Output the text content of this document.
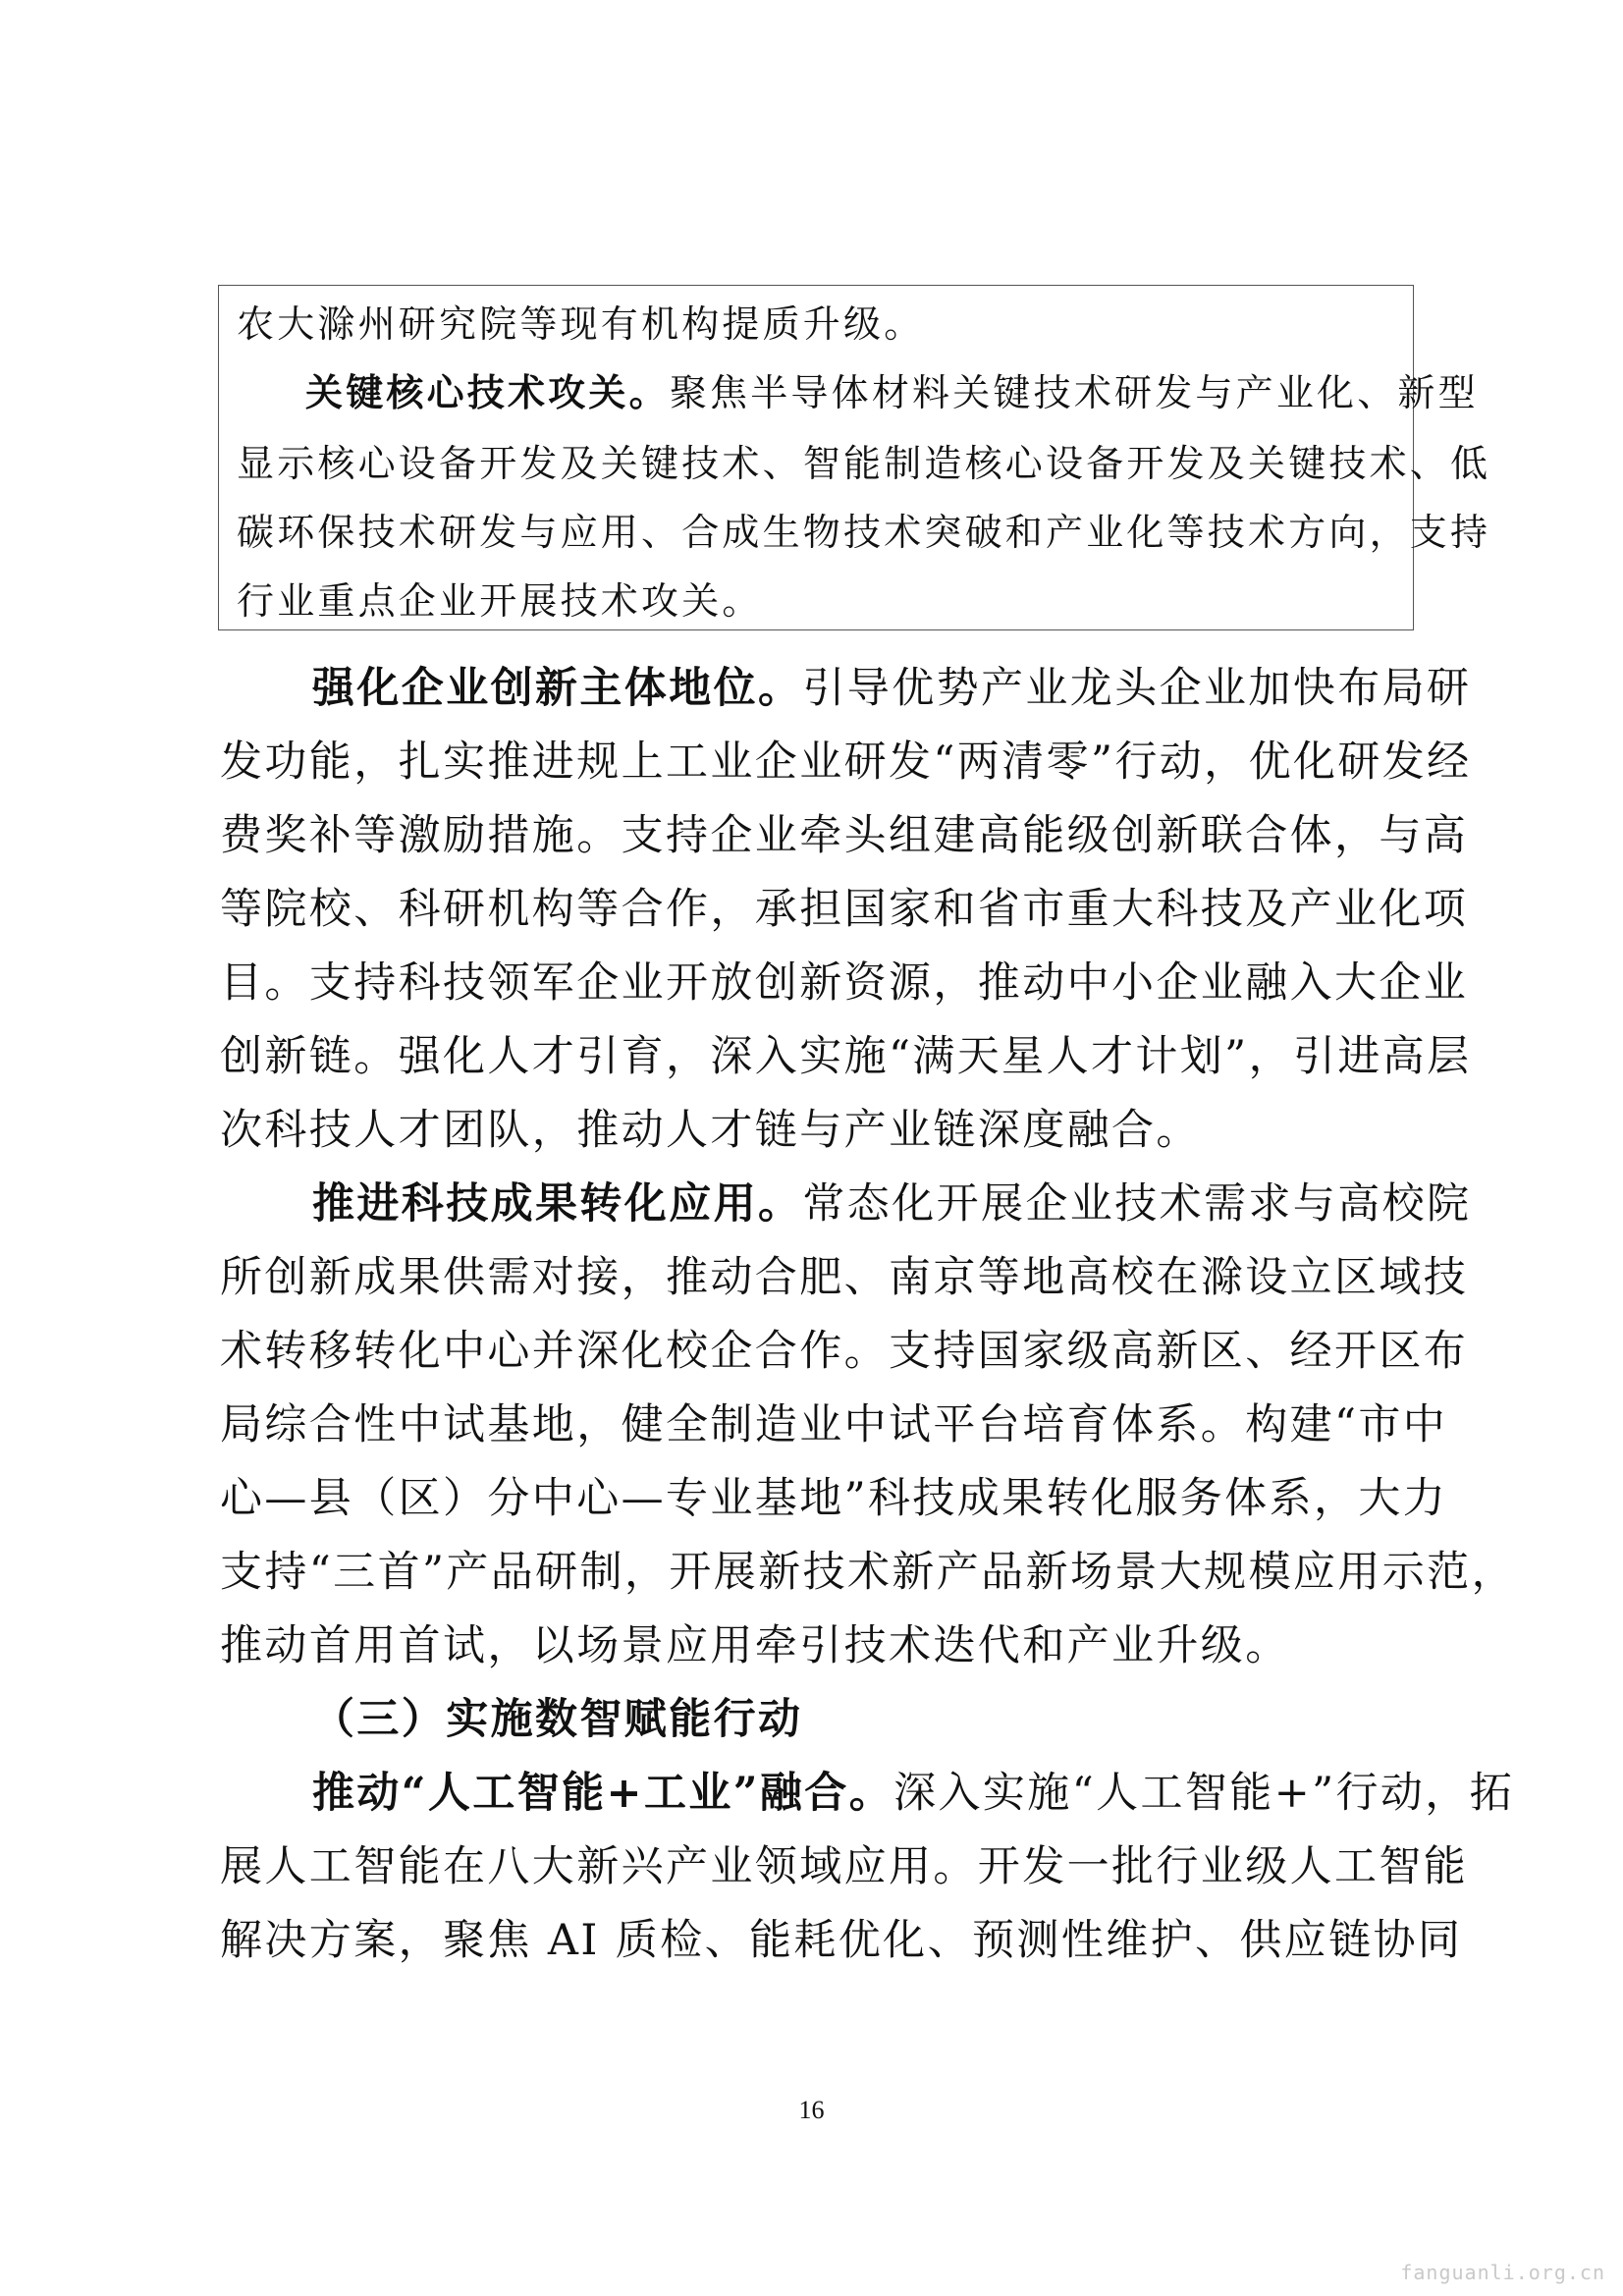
农大滁州研究院等现有机构提质升级。
关键核心技术攻关。聚焦半导体材料关键技术研发与产业化、新型
显示核心设备开发及关键技术、智能制造核心设备开发及关键技术、低
碳环保技术研发与应用、合成生物技术突破和产业化等技术方向，支持
行业重点企业开展技术攻关。
强化企业创新主体地位。引导优势产业龙头企业加快布局研
发功能，扎实推进规上工业企业研发“两清零”行动，优化研发经
费奖补等激励措施。支持企业牵头组建高能级创新联合体，与高
等院校、科研机构等合作，承担国家和省市重大科技及产业化项
目。支持科技领军企业开放创新资源，推动中小企业融入大企业
创新链。强化人才引育，深入实施“满天星人才计划”，引进高层
次科技人才团队，推动人才链与产业链深度融合。
推进科技成果转化应用。常态化开展企业技术需求与高校院
所创新成果供需对接，推动合肥、南京等地高校在滁设立区域技
术转移转化中心并深化校企合作。支持国家级高新区、经开区布
局综合性中试基地，健全制造业中试平台培育体系。构建“市中
心—县（区）分中心—专业基地”科技成果转化服务体系，大力
支持“三首”产品研制，开展新技术新产品新场景大规模应用示范，
推动首用首试，以场景应用牵引技术迭代和产业升级。
（三）实施数智赋能行动
推动“人工智能+工业”融合。深入实施“人工智能+”行动，拓
展人工智能在八大新兴产业领域应用。开发一批行业级人工智能
解决方案，聚焦 AI 质检、能耗优化、预测性维护、供应链协同
16
fanguanli.org.cn
